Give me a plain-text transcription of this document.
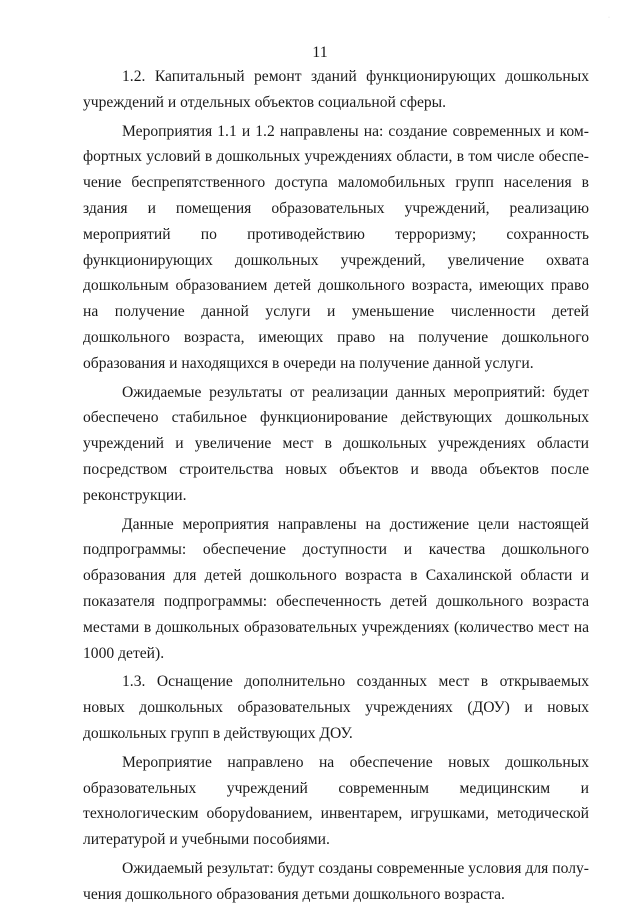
·
11

1.2. Капитальный ремонт зданий функционирующих дошкольных учреждений и отдельных объектов социальной сферы.

Мероприятия 1.1 и 1.2 направлены на: создание современных и комфортных условий в дошкольных учреждениях области, в том числе обеспечение беспрепятственного доступа маломобильных групп населения в здания и помещения образовательных учреждений, реализацию мероприятий по противодействию терроризму; сохранность функционирующих дошкольных учреждений, увеличение охвата дошкольным образованием детей дошкольного возраста, имеющих право на получение данной услуги и уменьшение численности детей дошкольного возраста, имеющих право на получение дошкольного образования и находящихся в очереди на получение данной услуги.

Ожидаемые результаты от реализации данных мероприятий: будет обеспечено стабильное функционирование действующих дошкольных учреждений и увеличение мест в дошкольных учреждениях области посредством строительства новых объектов и ввода объектов после реконструкции.

Данные мероприятия направлены на достижение цели настоящей подпрограммы: обеспечение доступности и качества дошкольного образования для детей дошкольного возраста в Сахалинской области и показателя подпрограммы: обеспеченность детей дошкольного возраста местами в дошкольных образовательных учреждениях (количество мест на 1000 детей).

1.3. Оснащение дополнительно созданных мест в открываемых новых дошкольных образовательных учреждениях (ДОУ) и новых дошкольных групп в действующих ДОУ.

Мероприятие направлено на обеспечение новых дошкольных образовательных учреждений современным медицинским и технологическим оборуdованием, инвентарем, игрушками, методической литературой и учебными пособиями.

Ожидаемый результат: будут созданы современные условия для получения дошкольного образования детьми дошкольного возраста.
